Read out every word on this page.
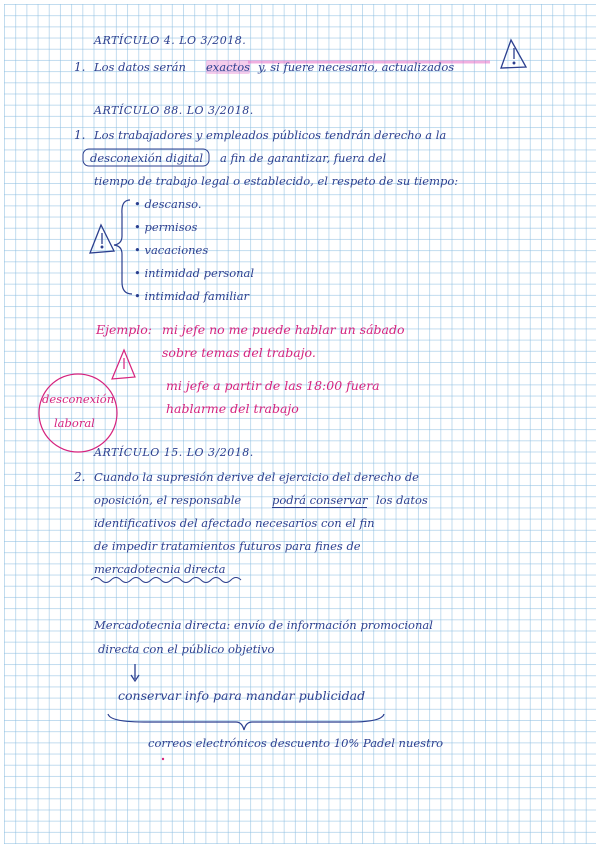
ARTÍCULO 4. LO 3/2018.
1. Los datos serán exactos y, si fuere necesario, actualizados
ARTÍCULO 88. LO 3/2018.
1. Los trabajadores y empleados públicos tendrán derecho a la
desconexión digital a fin de garantizar, fuera del
tiempo de trabajo legal o establecido, el respeto de su tiempo:
• descanso.
• permisos
• vacaciones
• intimidad personal
• intimidad familiar
Ejemplo: mi jefe no me puede hablar un sábado
sobre temas del trabajo.
mi jefe a partir de las 18:00 fuera
hablarme del trabajo
desconexión
laboral
ARTÍCULO 15. LO 3/2018.
2. Cuando la supresión derive del ejercicio del derecho de
oposición, el responsable	podrá conservar los datos
identificativos del afectado necesarios con el fin
de impedir tratamientos futuros para fines de
mercadotecnia directa
Mercadotecnia directa: envío de información promocional
directa con el público objetivo
conservar info para mandar publicidad
correos electrónicos descuento 10% Padel nuestro
